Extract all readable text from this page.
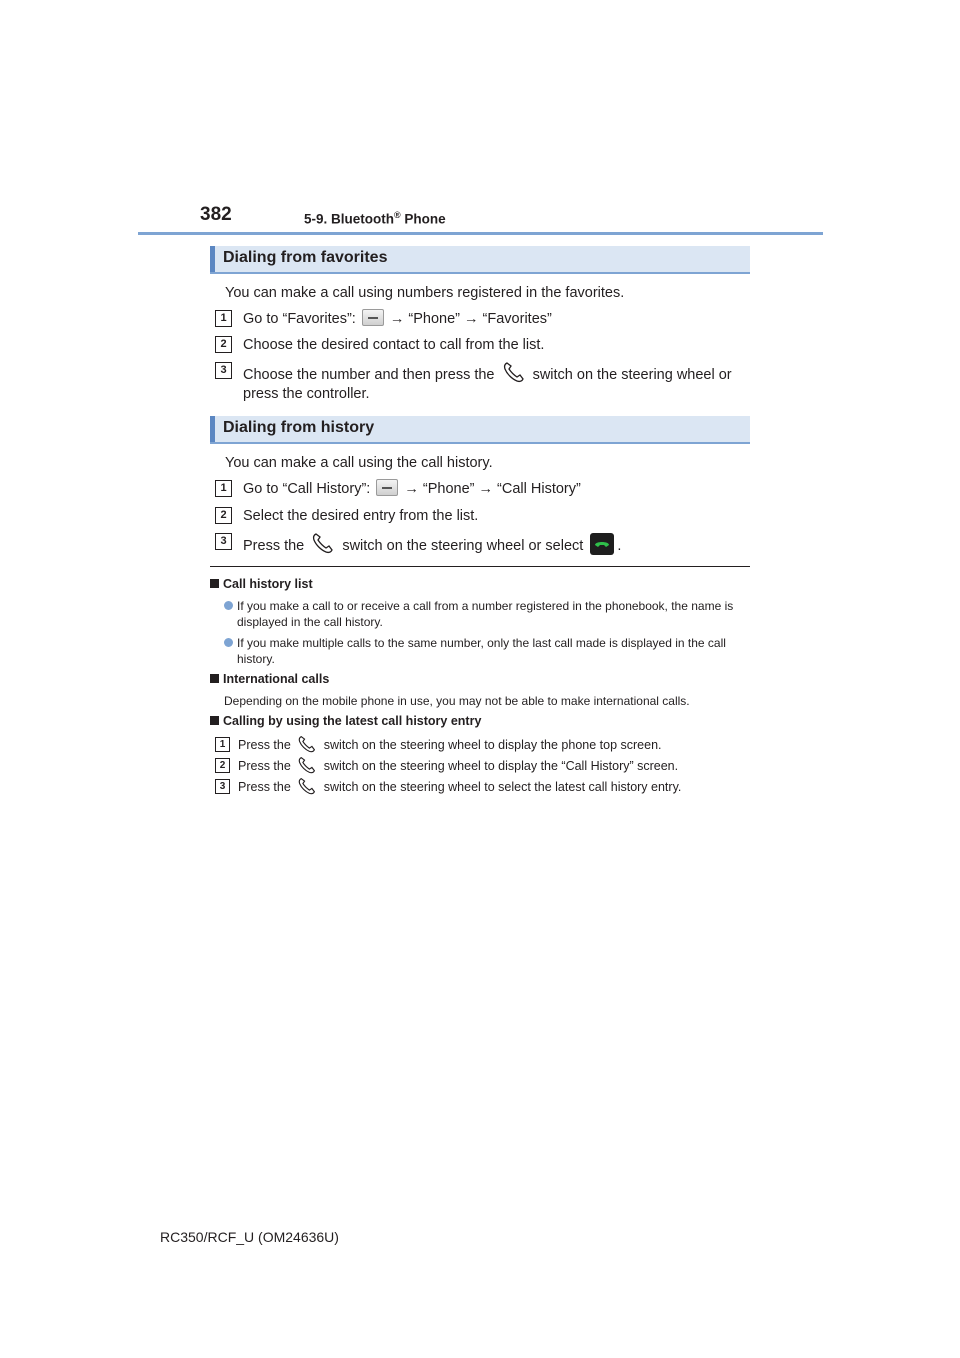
382	5-9. Bluetooth® Phone
Dialing from favorites
You can make a call using numbers registered in the favorites.
1	Go to “Favorites”: → “Phone” → “Favorites”
2	Choose the desired contact to call from the list.
3	Choose the number and then press the	switch on the steering wheel or
press the controller.
Dialing from history
You can make a call using the call history.
1	Go to “Call History”: → “Phone” → “Call History”
2	Select the desired entry from the list.
3	Press the	switch on the steering wheel or select .
Call history list
If you make a call to or receive a call from a number registered in the phonebook, the name is displayed in the call history.
If you make multiple calls to the same number, only the last call made is displayed in the call history.
International calls
Depending on the mobile phone in use, you may not be able to make international calls.
Calling by using the latest call history entry
1	Press the	switch on the steering wheel to display the phone top screen.
2	Press the	switch on the steering wheel to display the “Call History” screen.
3	Press the	switch on the steering wheel to select the latest call history entry.
RC350/RCF_U (OM24636U)
